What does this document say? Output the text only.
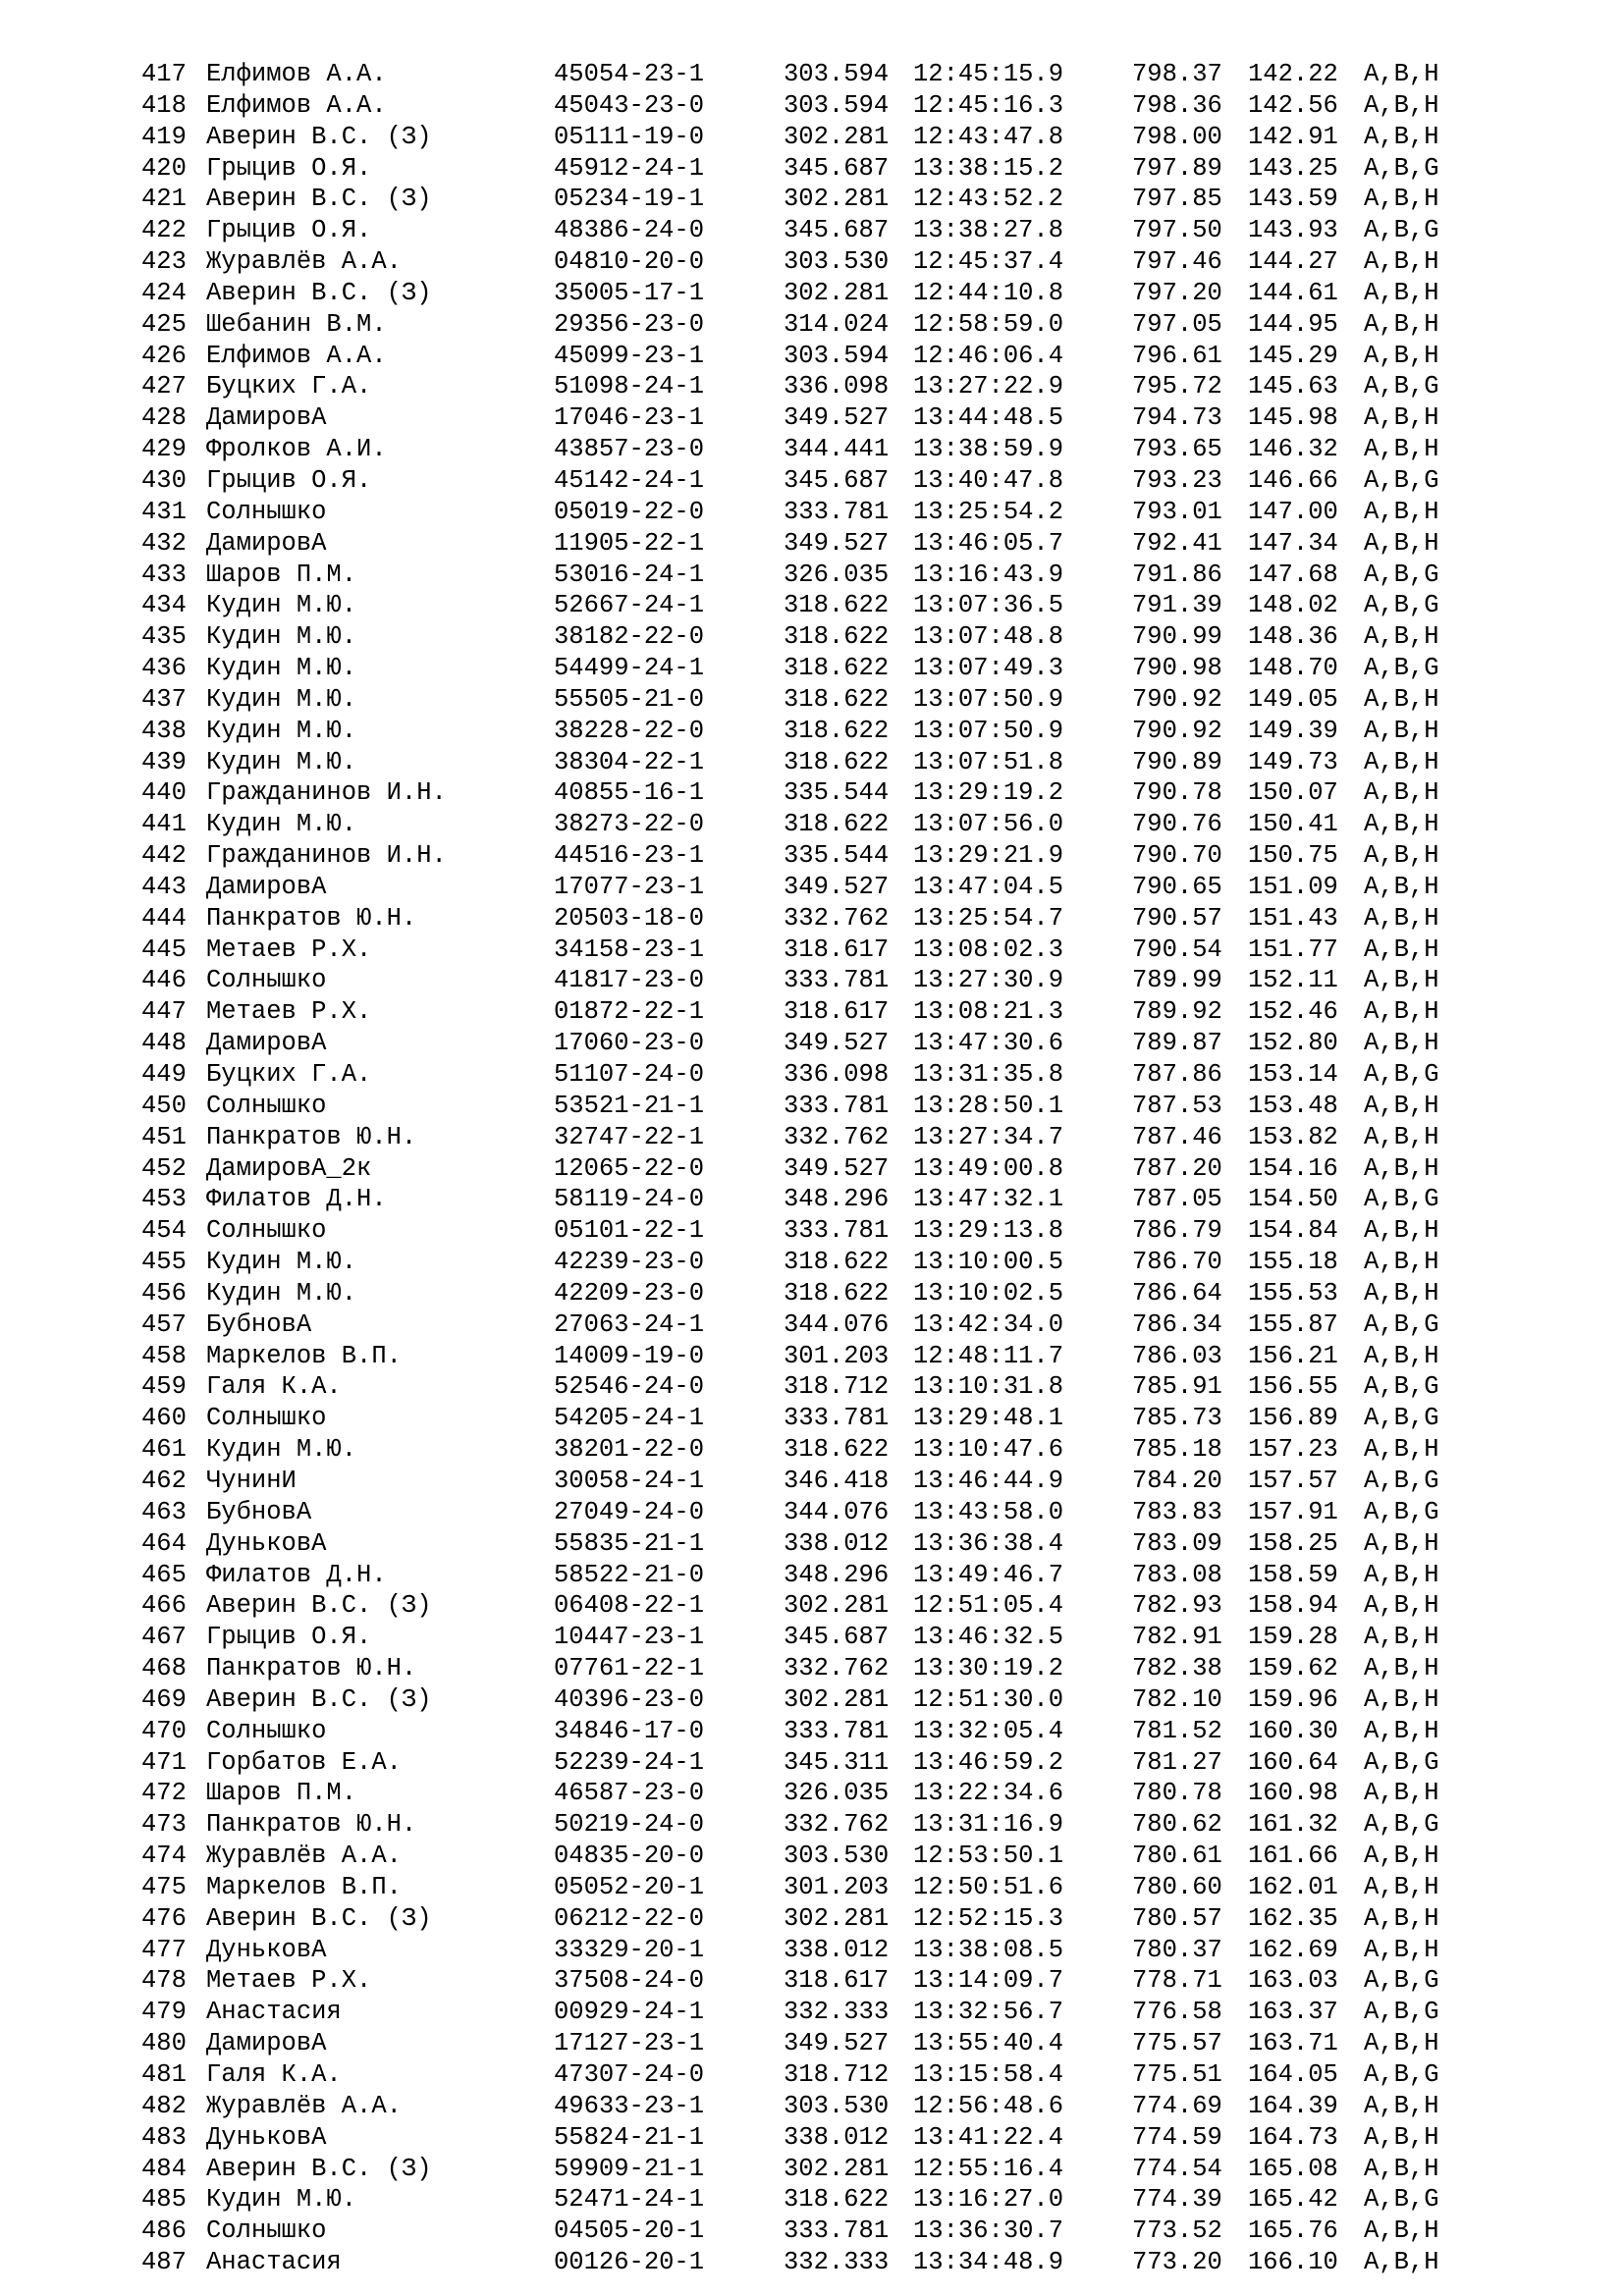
417 Елфимов А.А.	45054-23-1	303.594 12:45:15.9	798.37 142.22 A,B,H
418 Елфимов А.А.	45043-23-0	303.594 12:45:16.3	798.36 142.56 A,B,H
419 Аверин В.С. (З)	05111-19-0	302.281 12:43:47.8	798.00 142.91 A,B,H
420 Грыцив О.Я.	45912-24-1	345.687 13:38:15.2	797.89 143.25 A,B,G
421 Аверин В.С. (З)	05234-19-1	302.281 12:43:52.2	797.85 143.59 A,B,H
422 Грыцив О.Я.	48386-24-0	345.687 13:38:27.8	797.50 143.93 A,B,G
423 Журавлёв А.А.	04810-20-0	303.530 12:45:37.4	797.46 144.27 A,B,H
424 Аверин В.С. (З)	35005-17-1	302.281 12:44:10.8	797.20 144.61 A,B,H
425 Шебанин В.М.	29356-23-0	314.024 12:58:59.0	797.05 144.95 A,B,H
426 Елфимов А.А.	45099-23-1	303.594 12:46:06.4	796.61 145.29 A,B,H
427 Буцких Г.А.	51098-24-1	336.098 13:27:22.9	795.72 145.63 A,B,G
428 ДамировА	17046-23-1	349.527 13:44:48.5	794.73 145.98 A,B,H
429 Фролков А.И.	43857-23-0	344.441 13:38:59.9	793.65 146.32 A,B,H
430 Грыцив О.Я.	45142-24-1	345.687 13:40:47.8	793.23 146.66 A,B,G
431 Солнышко	05019-22-0	333.781 13:25:54.2	793.01 147.00 A,B,H
432 ДамировА	11905-22-1	349.527 13:46:05.7	792.41 147.34 A,B,H
433 Шаров П.М.	53016-24-1	326.035 13:16:43.9	791.86 147.68 A,B,G
434 Кудин М.Ю.	52667-24-1	318.622 13:07:36.5	791.39 148.02 A,B,G
435 Кудин М.Ю.	38182-22-0	318.622 13:07:48.8	790.99 148.36 A,B,H
436 Кудин М.Ю.	54499-24-1	318.622 13:07:49.3	790.98 148.70 A,B,G
437 Кудин М.Ю.	55505-21-0	318.622 13:07:50.9	790.92 149.05 A,B,H
438 Кудин М.Ю.	38228-22-0	318.622 13:07:50.9	790.92 149.39 A,B,H
439 Кудин М.Ю.	38304-22-1	318.622 13:07:51.8	790.89 149.73 A,B,H
440 Гражданинов И.Н.	40855-16-1	335.544 13:29:19.2	790.78 150.07 A,B,H
441 Кудин М.Ю.	38273-22-0	318.622 13:07:56.0	790.76 150.41 A,B,H
442 Гражданинов И.Н.	44516-23-1	335.544 13:29:21.9	790.70 150.75 A,B,H
443 ДамировА	17077-23-1	349.527 13:47:04.5	790.65 151.09 A,B,H
444 Панкратов Ю.Н.	20503-18-0	332.762 13:25:54.7	790.57 151.43 A,B,H
445 Метаев Р.Х.	34158-23-1	318.617 13:08:02.3	790.54 151.77 A,B,H
446 Солнышко	41817-23-0	333.781 13:27:30.9	789.99 152.11 A,B,H
447 Метаев Р.Х.	01872-22-1	318.617 13:08:21.3	789.92 152.46 A,B,H
448 ДамировА	17060-23-0	349.527 13:47:30.6	789.87 152.80 A,B,H
449 Буцких Г.А.	51107-24-0	336.098 13:31:35.8	787.86 153.14 A,B,G
450 Солнышко	53521-21-1	333.781 13:28:50.1	787.53 153.48 A,B,H
451 Панкратов Ю.Н.	32747-22-1	332.762 13:27:34.7	787.46 153.82 A,B,H
452 ДамировА_2к	12065-22-0	349.527 13:49:00.8	787.20 154.16 A,B,H
453 Филатов Д.Н.	58119-24-0	348.296 13:47:32.1	787.05 154.50 A,B,G
454 Солнышко	05101-22-1	333.781 13:29:13.8	786.79 154.84 A,B,H
455 Кудин М.Ю.	42239-23-0	318.622 13:10:00.5	786.70 155.18 A,B,H
456 Кудин М.Ю.	42209-23-0	318.622 13:10:02.5	786.64 155.53 A,B,H
457 БубновА	27063-24-1	344.076 13:42:34.0	786.34 155.87 A,B,G
458 Маркелов В.П.	14009-19-0	301.203 12:48:11.7	786.03 156.21 A,B,H
459 Галя К.А.	52546-24-0	318.712 13:10:31.8	785.91 156.55 A,B,G
460 Солнышко	54205-24-1	333.781 13:29:48.1	785.73 156.89 A,B,G
461 Кудин М.Ю.	38201-22-0	318.622 13:10:47.6	785.18 157.23 A,B,H
462 ЧунинИ	30058-24-1	346.418 13:46:44.9	784.20 157.57 A,B,G
463 БубновА	27049-24-0	344.076 13:43:58.0	783.83 157.91 A,B,G
464 ДуньковА	55835-21-1	338.012 13:36:38.4	783.09 158.25 A,B,H
465 Филатов Д.Н.	58522-21-0	348.296 13:49:46.7	783.08 158.59 A,B,H
466 Аверин В.С. (З)	06408-22-1	302.281 12:51:05.4	782.93 158.94 A,B,H
467 Грыцив О.Я.	10447-23-1	345.687 13:46:32.5	782.91 159.28 A,B,H
468 Панкратов Ю.Н.	07761-22-1	332.762 13:30:19.2	782.38 159.62 A,B,H
469 Аверин В.С. (З)	40396-23-0	302.281 12:51:30.0	782.10 159.96 A,B,H
470 Солнышко	34846-17-0	333.781 13:32:05.4	781.52 160.30 A,B,H
471 Горбатов Е.А.	52239-24-1	345.311 13:46:59.2	781.27 160.64 A,B,G
472 Шаров П.М.	46587-23-0	326.035 13:22:34.6	780.78 160.98 A,B,H
473 Панкратов Ю.Н.	50219-24-0	332.762 13:31:16.9	780.62 161.32 A,B,G
474 Журавлёв А.А.	04835-20-0	303.530 12:53:50.1	780.61 161.66 A,B,H
475 Маркелов В.П.	05052-20-1	301.203 12:50:51.6	780.60 162.01 A,B,H
476 Аверин В.С. (З)	06212-22-0	302.281 12:52:15.3	780.57 162.35 A,B,H
477 ДуньковА	33329-20-1	338.012 13:38:08.5	780.37 162.69 A,B,H
478 Метаев Р.Х.	37508-24-0	318.617 13:14:09.7	778.71 163.03 A,B,G
479 Анастасия	00929-24-1	332.333 13:32:56.7	776.58 163.37 A,B,G
480 ДамировА	17127-23-1	349.527 13:55:40.4	775.57 163.71 A,B,H
481 Галя К.А.	47307-24-0	318.712 13:15:58.4	775.51 164.05 A,B,G
482 Журавлёв А.А.	49633-23-1	303.530 12:56:48.6	774.69 164.39 A,B,H
483 ДуньковА	55824-21-1	338.012 13:41:22.4	774.59 164.73 A,B,H
484 Аверин В.С. (З)	59909-21-1	302.281 12:55:16.4	774.54 165.08 A,B,H
485 Кудин М.Ю.	52471-24-1	318.622 13:16:27.0	774.39 165.42 A,B,G
486 Солнышко	04505-20-1	333.781 13:36:30.7	773.52 165.76 A,B,H
487 Анастасия	00126-20-1	332.333 13:34:48.9	773.20 166.10 A,B,H
